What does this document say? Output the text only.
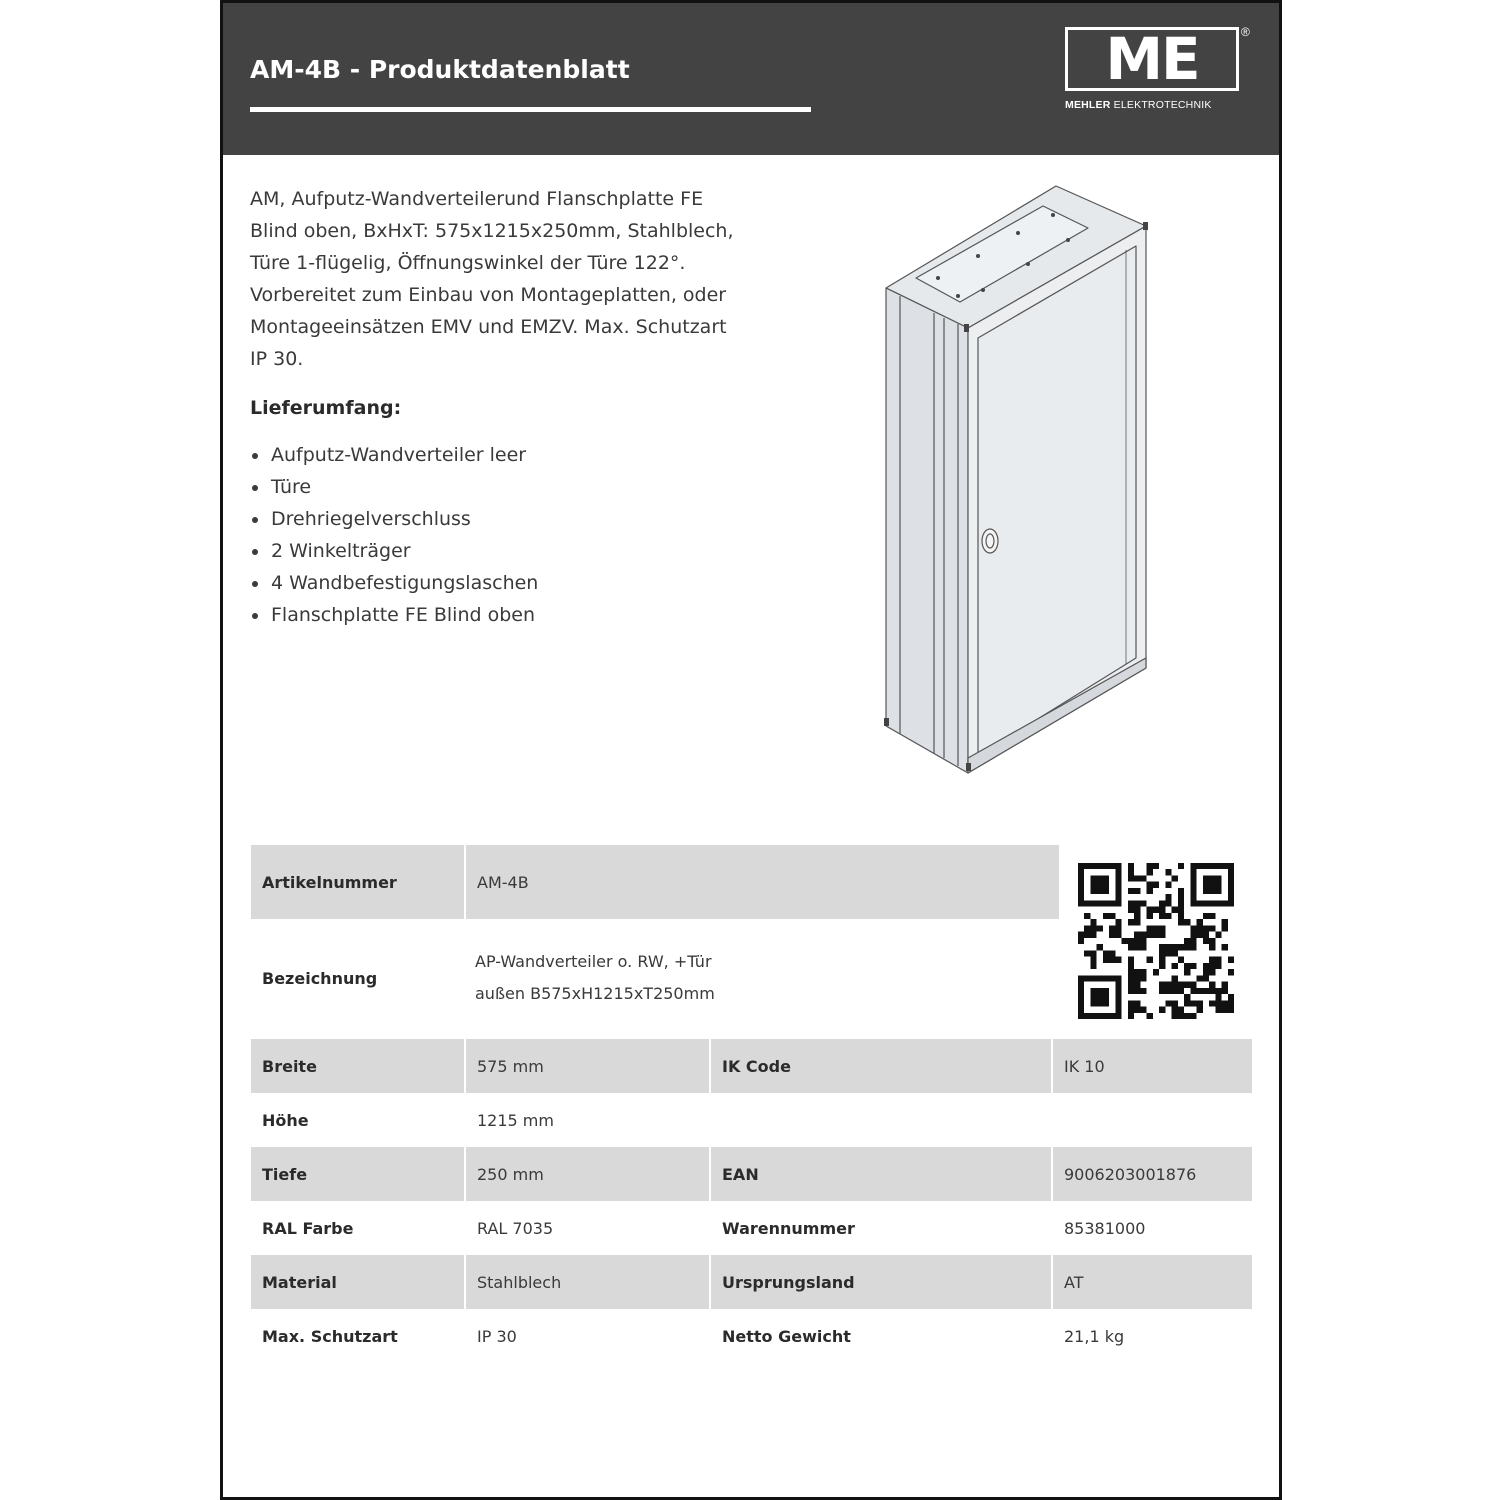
AM-4B - Produktdatenblatt	ME	®
MEHLER ELEKTROTECHNIK
AM, Aufputz-Wandverteilerund Flanschplatte FE
Blind oben, BxHxT: 575x1215x250mm, Stahlblech,
Türe 1-flügelig, Öffnungswinkel der Türe 122°.
Vorbereitet zum Einbau von Montageplatten, oder
Montageeinsätzen EMV und EMZV. Max. Schutzart
IP 30.
Lieferumfang:
Aufputz-Wandverteiler leer
Türe
Drehriegelverschluss
2 Winkelträger
4 Wandbefestigungslaschen
Flanschplatte FE Blind oben
Artikelnummer	AM-4B
Bezeichnung
AP-Wandverteiler o. RW, +Tür
außen B575xH1215xT250mm
Breite	575 mm	IK Code	IK 10
Höhe	1215 mm
Tiefe	250 mm	EAN	9006203001876
RAL Farbe	RAL 7035	Warennummer	85381000
Material	Stahlblech	Ursprungsland	AT
Max. Schutzart	IP 30	Netto Gewicht	21,1 kg
